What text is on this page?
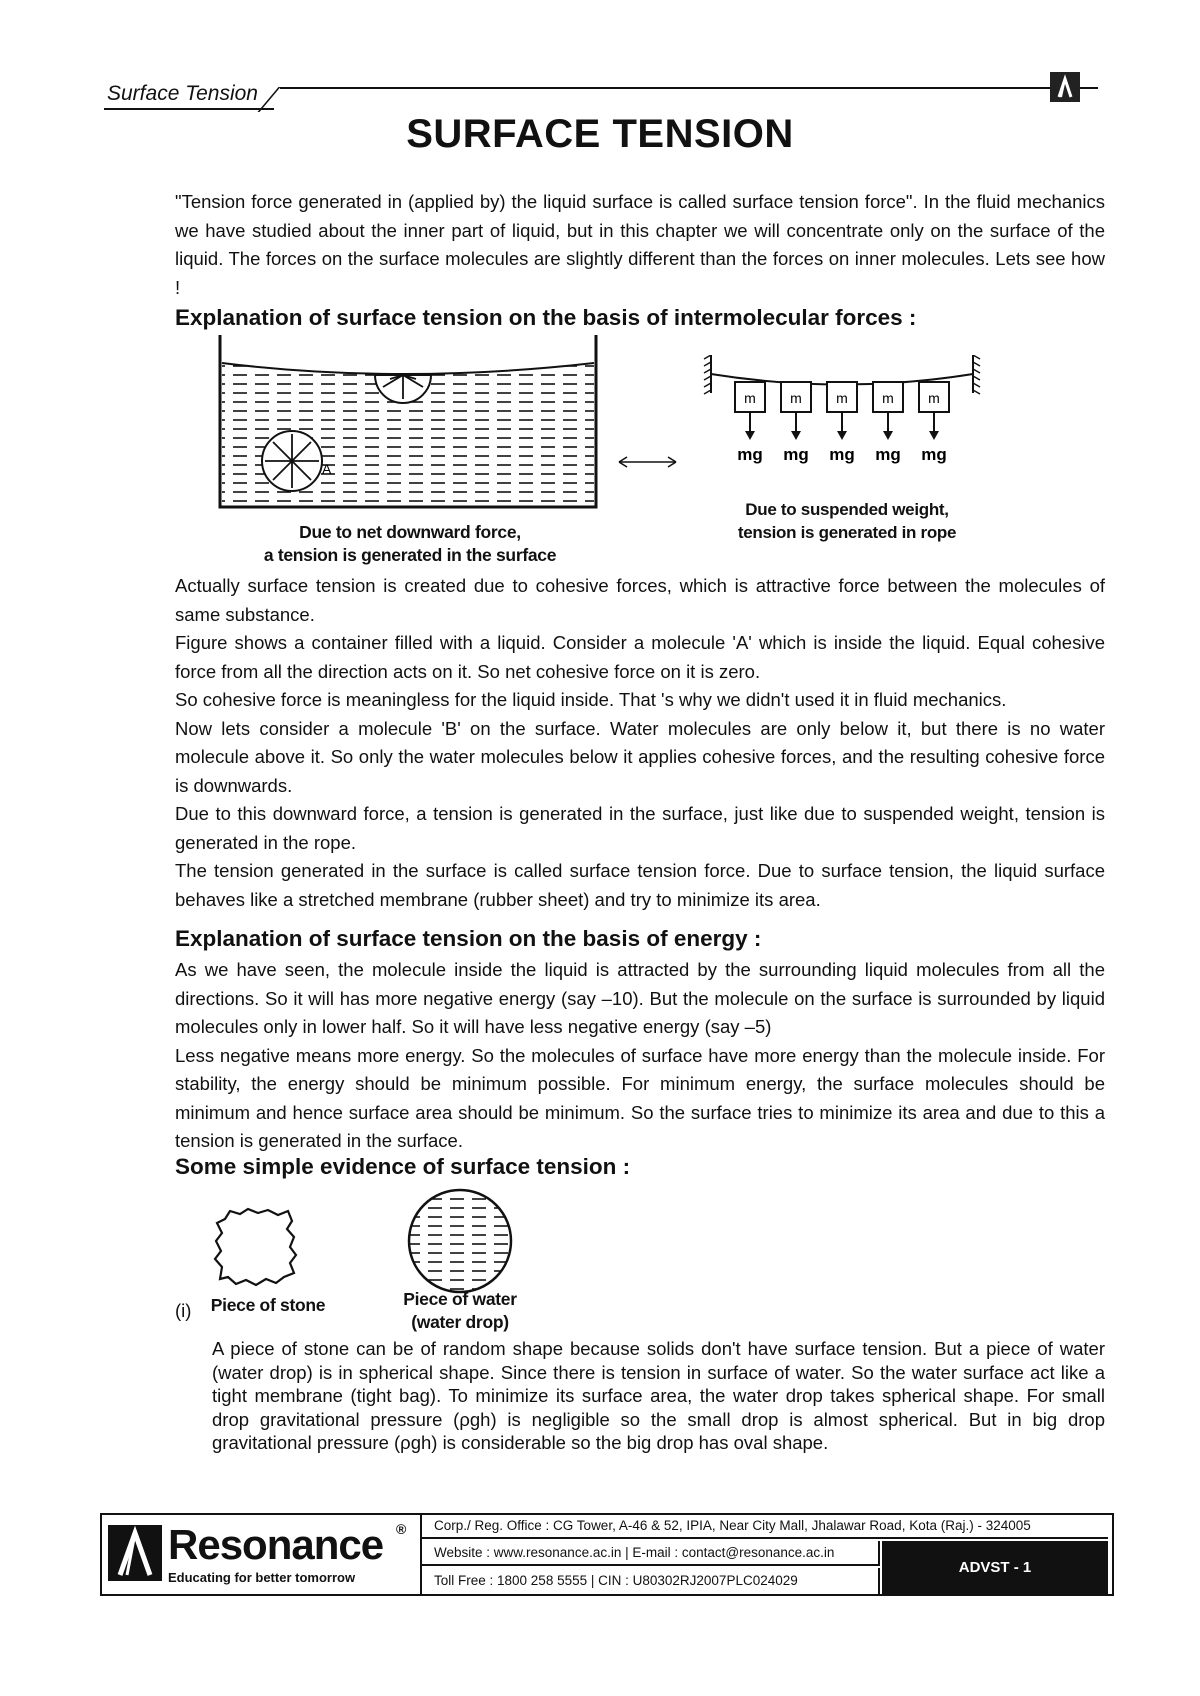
Surface Tension
SURFACE TENSION

"Tension force generated in (applied by) the liquid surface is called surface tension force". In the fluid mechanics we have studied about the inner part of liquid, but in this chapter we will concentrate only on the surface of the liquid. The forces on the surface molecules are slightly different than the forces on inner molecules. Lets see how !

Explanation of surface tension on the basis of intermolecular forces :
A
Due to net downward force,
a tension is generated in the surface
m
mg
m
mg
m
mg
m
mg
m
mg
Due to suspended weight,
tension is generated in rope

Actually surface tension is created due to cohesive forces, which is attractive force between the molecules of same substance.

Figure shows a container filled with a liquid. Consider a molecule 'A' which is inside the liquid. Equal cohesive force from all the direction acts on it. So net cohesive force on it is zero.

So cohesive force is meaningless for the liquid inside. That 's why we didn't used it in fluid mechanics.

Now lets consider a molecule 'B' on the surface. Water molecules are only below it, but there is no water molecule above it. So only the water molecules below it applies cohesive forces, and the resulting cohesive force is downwards.

Due to this downward force, a tension is generated in the surface, just like due to suspended weight, tension is generated in the rope.

The tension generated in the surface is called surface tension force. Due to surface tension, the liquid surface behaves like a stretched membrane (rubber sheet) and try to minimize its area.

Explanation of surface tension on the basis of energy :

As we have seen, the molecule inside the liquid is attracted by the surrounding liquid molecules from all the directions. So it will has more negative energy (say –10). But the molecule on the surface is surrounded by liquid molecules only in lower half. So it will have less negative energy (say –5)

Less negative means more energy. So the molecules of surface have more energy than the molecule inside. For stability, the energy should be minimum possible. For minimum energy, the surface molecules should be minimum and hence surface area should be minimum. So the surface tries to minimize its area and due to this a tension is generated in the surface.

Some simple evidence of surface tension :
(i)	Piece of stone	Piece of water
(water drop)

A piece of stone can be of random shape because solids don't have surface tension. But a piece of water (water drop) is in spherical shape. Since there is tension in surface of water. So the water surface act like a tight membrane (tight bag). To minimize its surface area, the water drop takes spherical shape. For small drop gravitational pressure (ρgh) is negligible so the small drop is almost spherical. But in big drop gravitational pressure (ρgh) is considerable so the big drop has oval shape.

Resonance ®
Educating for better tomorrow
Corp./ Reg. Office : CG Tower, A-46 & 52, IPIA, Near City Mall, Jhalawar Road, Kota (Raj.) - 324005
Website : www.resonance.ac.in | E-mail : contact@resonance.ac.in
Toll Free : 1800 258 5555 | CIN : U80302RJ2007PLC024029
ADVST - 1
